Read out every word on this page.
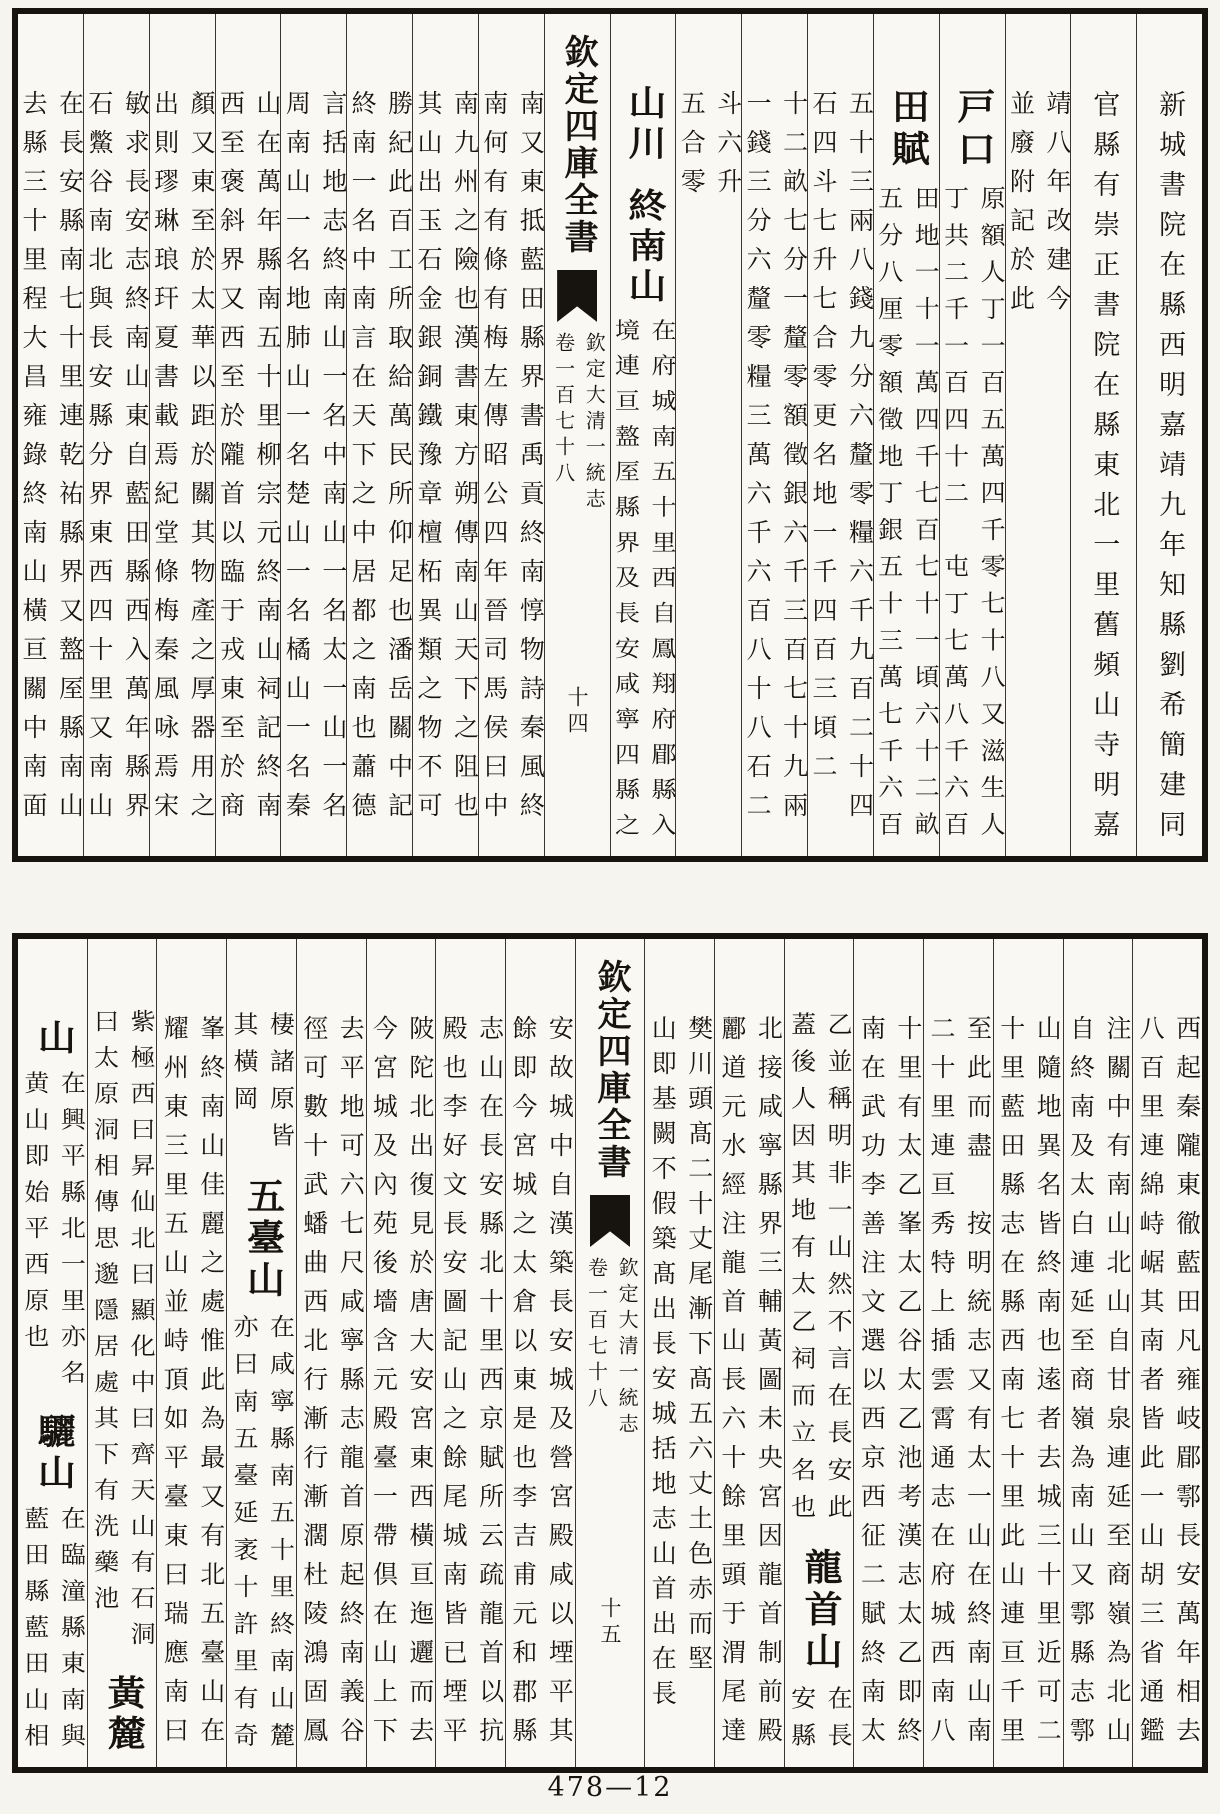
新城書院在縣西明嘉靖九年知縣劉希簡建同
官縣有崇正書院在縣東北一里舊頻山寺明嘉
靖八年改建今
並廢附記於此
戸口
原額人丁一百五萬四千零七十八又滋生人
丁共二千一百四十二　屯丁七萬八千六百
田賦
田地一十一萬四千七百七十一頃六十二畝
五分八厘零額徵地丁銀五十三萬七千六百
五十三兩八錢九分六釐零糧六千九百二十四
石四斗七升七合零更名地一千四百三頃二
十二畝七分一釐零額徵銀六千三百七十九兩
一錢三分六釐零糧三萬六千六百八十八石二
斗六升
五合零
山川
終南山
在府城南五十里西自鳳翔府郿縣入
境連亘盩厔縣界及長安咸寧四縣之
欽定四庫全書
欽定大清一統志
卷一百七十八
十四
南又東抵藍田縣界書禹貢終南惇物詩秦風終
南何有有條有梅左傳昭公四年晉司馬侯曰中
南九州之險也漢書東方朔傳南山天下之阻也
其山出玉石金銀銅鐵豫章檀柘異類之物不可
勝紀此百工所取給萬民所仰足也潘岳關中記
終南一名中南言在天下之中居都之南也蕭德
言括地志終南山一名中南山一名太一山一名
周南山一名地肺山一名楚山一名橘山一名秦
山在萬年縣南五十里柳宗元終南山祠記終南
西至褒斜界又西至於隴首以臨于戎東至於商
顏又東至於太華以距於關其物產之厚器用之
出則璆琳琅玕夏書載焉紀堂條梅秦風咏焉宋
敏求長安志終南山東自藍田縣西入萬年縣界
石鱉谷南北與長安縣分界東西四十里又南山
在長安縣南七十里連乾祐縣界又盩厔縣南山
去縣三十里程大昌雍錄終南山橫亘關中南面
西起秦隴東徹藍田凡雍岐郿鄠長安萬年相去
八百里連綿峙崌其南者皆此一山胡三省通鑑
注關中有南山北山自甘泉連延至商嶺為北山
自終南及太白連延至商嶺為南山又鄠縣志鄠
山隨地異名皆終南也逺者去城三十里近可二
十里藍田縣志在縣西南七十里此山連亘千里
至此而盡　按明統志又有太一山在終南山南
二十里連亘秀特上插雲霄通志在府城西南八
十里有太乙峯太乙谷太乙池考漢志太乙即終
南在武功李善注文選以西京西征二賦終南太
乙並稱明非一山然不言在長安此
蓋後人因其地有太乙祠而立名也
龍首山
在長
安縣
北接咸寧縣界三輔黃圖未央宮因龍首制前殿
酈道元水經注龍首山長六十餘里頭于渭尾達
樊川頭髙二十丈尾漸下髙五六丈土色赤而堅
山即基闕不假築髙出長安城括地志山首出在長
欽定四庫全書
欽定大清一統志
卷一百七十八
十五
安故城中自漢築長安城及營宮殿咸以堙平其
餘即今宮城之太倉以東是也李吉甫元和郡縣
志山在長安縣北十里西京賦所云疏龍首以抗
殿也李好文長安圖記山之餘尾城南皆已堙平
陂陀北出復見於唐大安宮東西橫亘迤邐而去
今宮城及內苑後墻含元殿臺一帶倶在山上下
去平地可六七尺咸寧縣志龍首原起終南義谷
徑可數十武蟠曲西北行漸行漸濶杜陵鴻固鳳
棲諸原皆
其橫岡
五臺山
在咸寧縣南五十里終南山麓
亦曰南五臺延袤十許里有奇
峯終南山佳麗之處惟此為最又有北五臺山在
耀州東三里五山並峙頂如平臺東曰瑞應南曰
紫極西曰昇仙北曰顯化中曰齊天山有石洞
曰太原洞相傳思邈隱居處其下有洗藥池
黃麓
山
在興平縣北一里亦名
黄山即始平西原也
驪山
在臨潼縣東南與
藍田縣藍田山相
478—12
